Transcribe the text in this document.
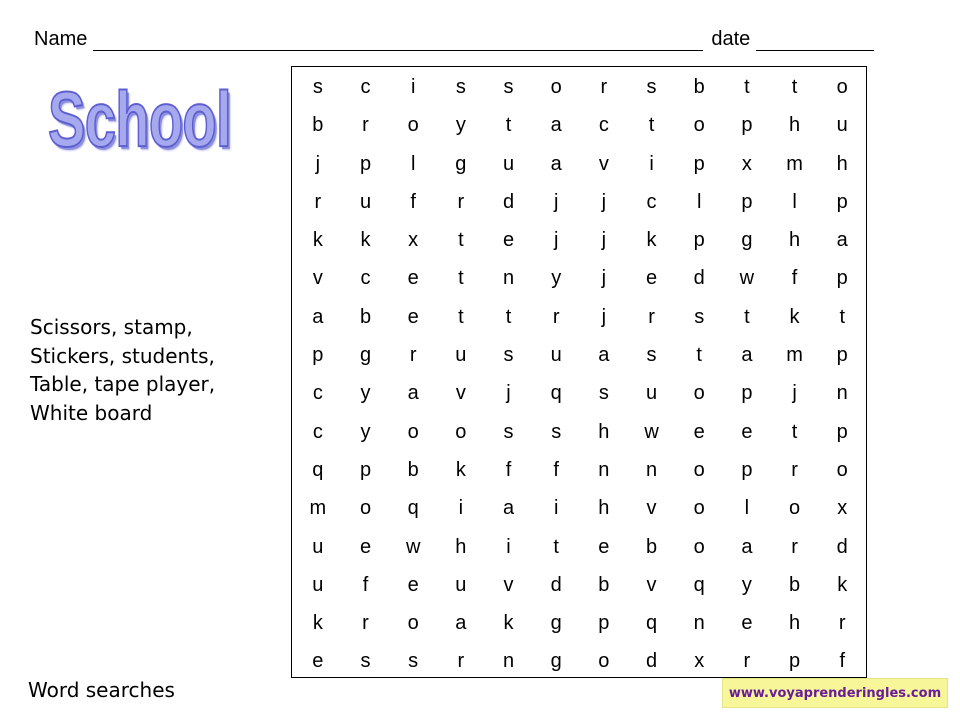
Name	date
School
Scissors, stamp,
Stickers, students,
Table, tape player,
White board
s	c	i	s	s	o	r	s	b	t	t	o
b	r	o	y	t	a	c	t	o	p	h	u
j	p	l	g	u	a	v	i	p	x	m	h
r	u	f	r	d	j	j	c	l	p	l	p
k	k	x	t	e	j	j	k	p	g	h	a
v	c	e	t	n	y	j	e	d	w	f	p
a	b	e	t	t	r	j	r	s	t	k	t
p	g	r	u	s	u	a	s	t	a	m	p
c	y	a	v	j	q	s	u	o	p	j	n
c	y	o	o	s	s	h	w	e	e	t	p
q	p	b	k	f	f	n	n	o	p	r	o
m	o	q	i	a	i	h	v	o	l	o	x
u	e	w	h	i	t	e	b	o	a	r	d
u	f	e	u	v	d	b	v	q	y	b	k
k	r	o	a	k	g	p	q	n	e	h	r
e	s	s	r	n	g	o	d	x	r	p	f
Word searches	www.voyaprenderingles.com
